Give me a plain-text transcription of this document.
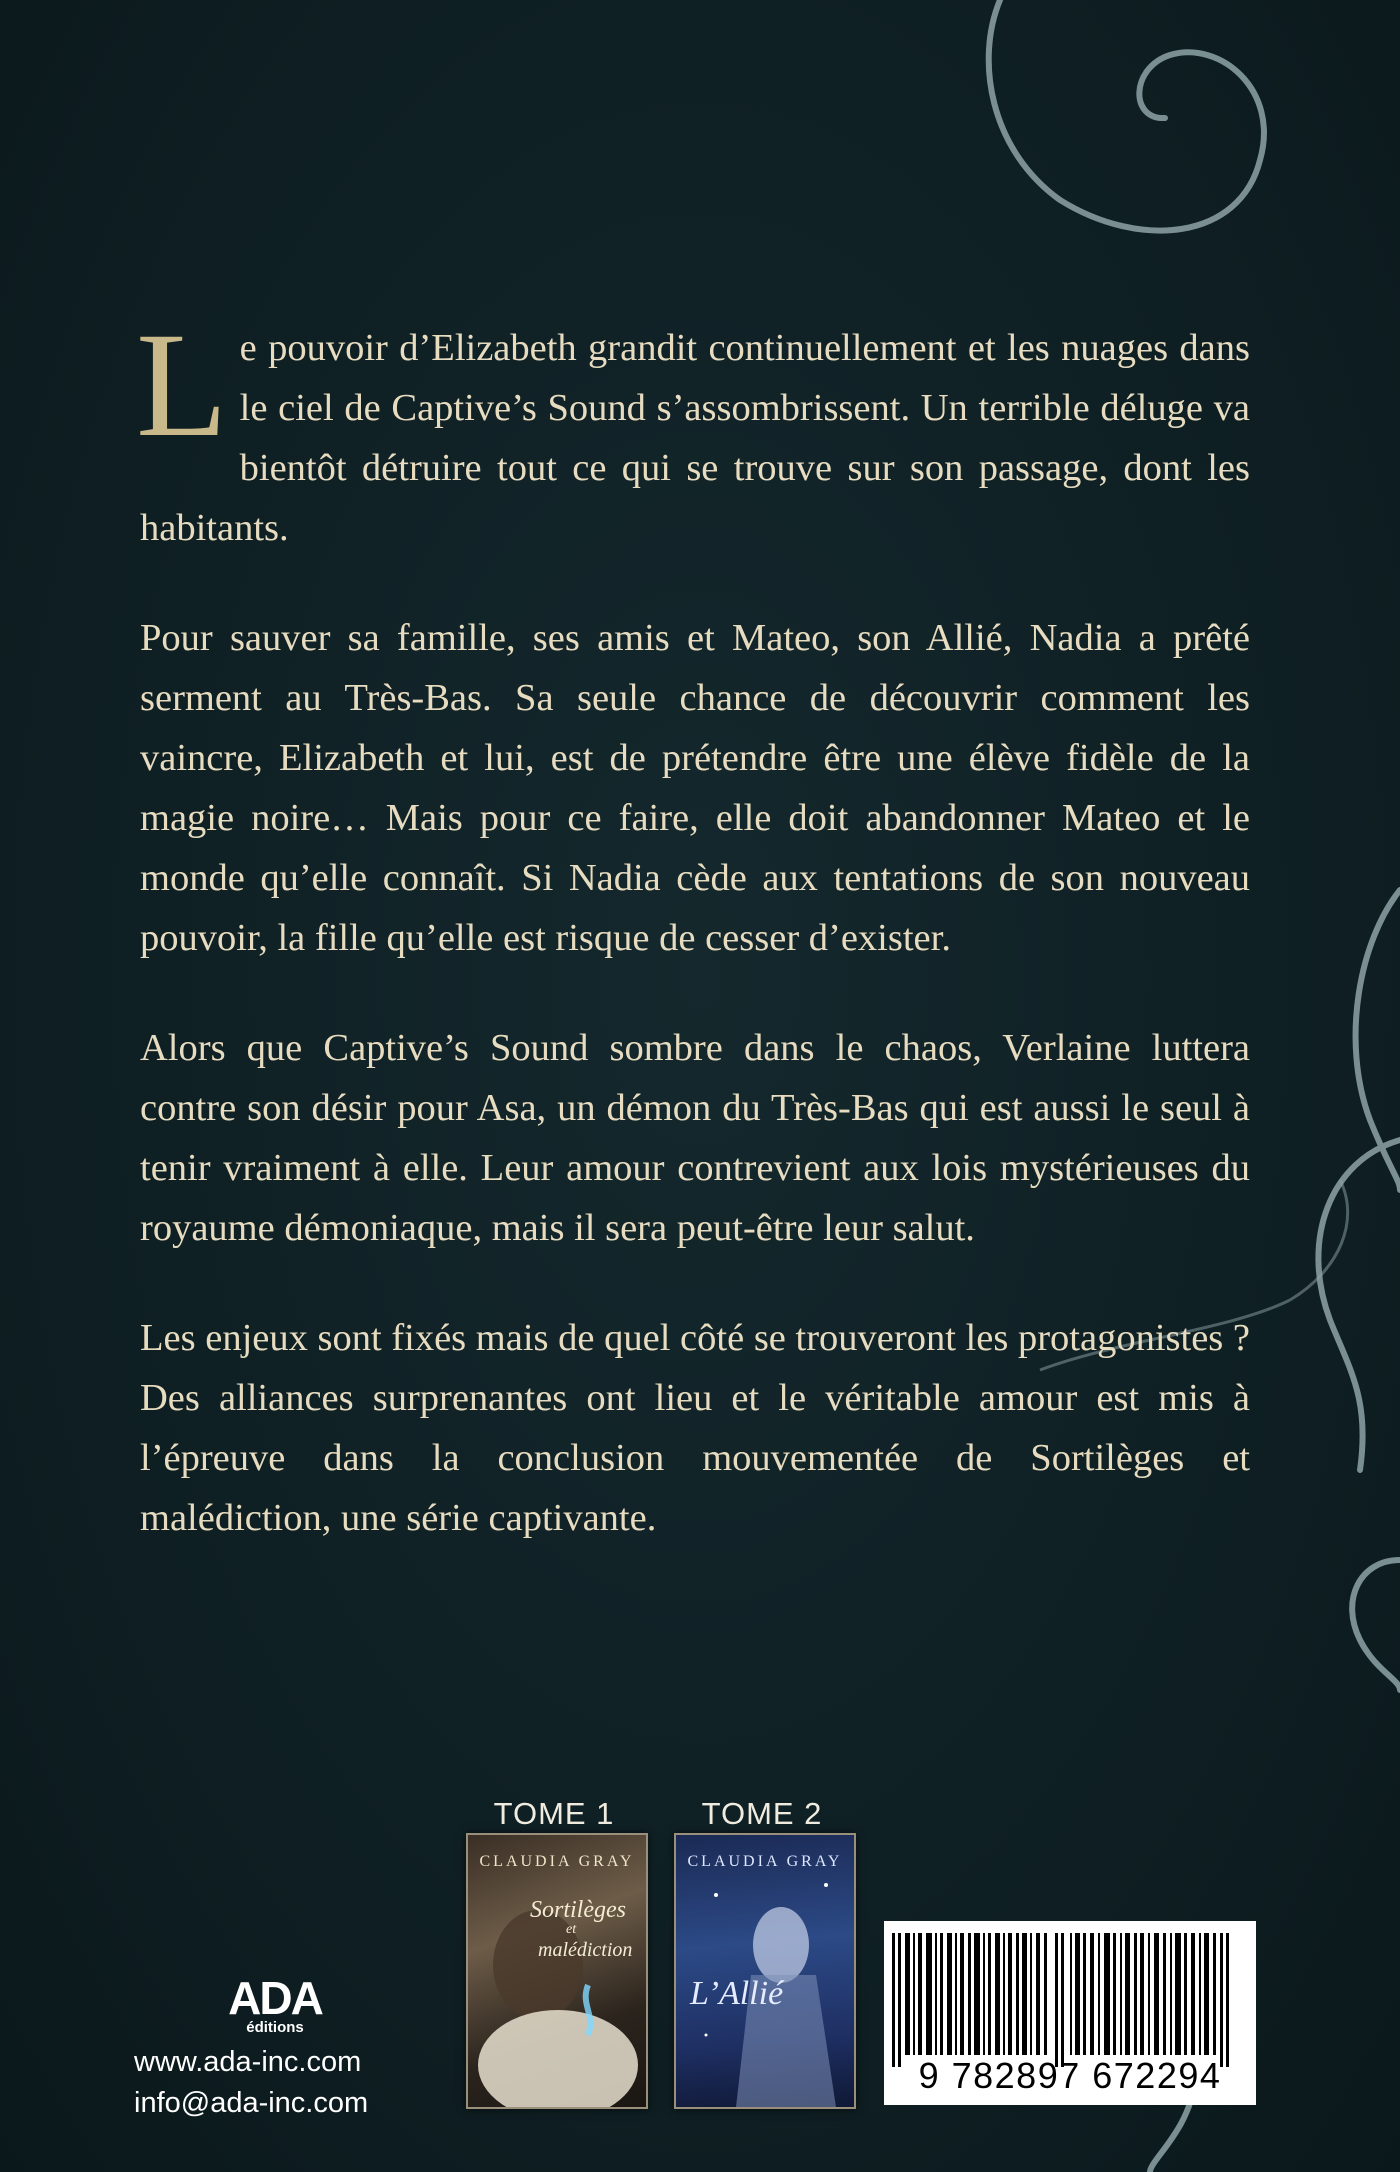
Le pouvoir d’Elizabeth grandit continuellement et les nuages dans le ciel de Captive’s Sound s’assombrissent. Un terrible déluge va bientôt détruire tout ce qui se trouve sur son passage, dont les habitants.

Pour sauver sa famille, ses amis et Mateo, son Allié, Nadia a prêté serment au Très-Bas. Sa seule chance de découvrir comment les vaincre, Elizabeth et lui, est de prétendre être une élève fidèle de la magie noire… Mais pour ce faire, elle doit abandonner Mateo et le monde qu’elle connaît. Si Nadia cède aux tentations de son nouveau pouvoir, la fille qu’elle est risque de cesser d’exister.

Alors que Captive’s Sound sombre dans le chaos, Verlaine luttera contre son désir pour Asa, un démon du Très-Bas qui est aussi le seul à tenir vraiment à elle. Leur amour contrevient aux lois mystérieuses du royaume démoniaque, mais il sera peut-être leur salut.

Les enjeux sont fixés mais de quel côté se trouveront les protagonistes ? Des alliances surprenantes ont lieu et le véritable amour est mis à l’épreuve dans la conclusion mouvementée de Sortilèges et malédiction, une série captivante.

TOME 1	TOME 2
CLAUDIA GRAY
Sortilèges
et
malédiction
CLAUDIA GRAY
L’Allié
ADA
éditions
www.ada-inc.com
info@ada-inc.com
9 782897 672294
